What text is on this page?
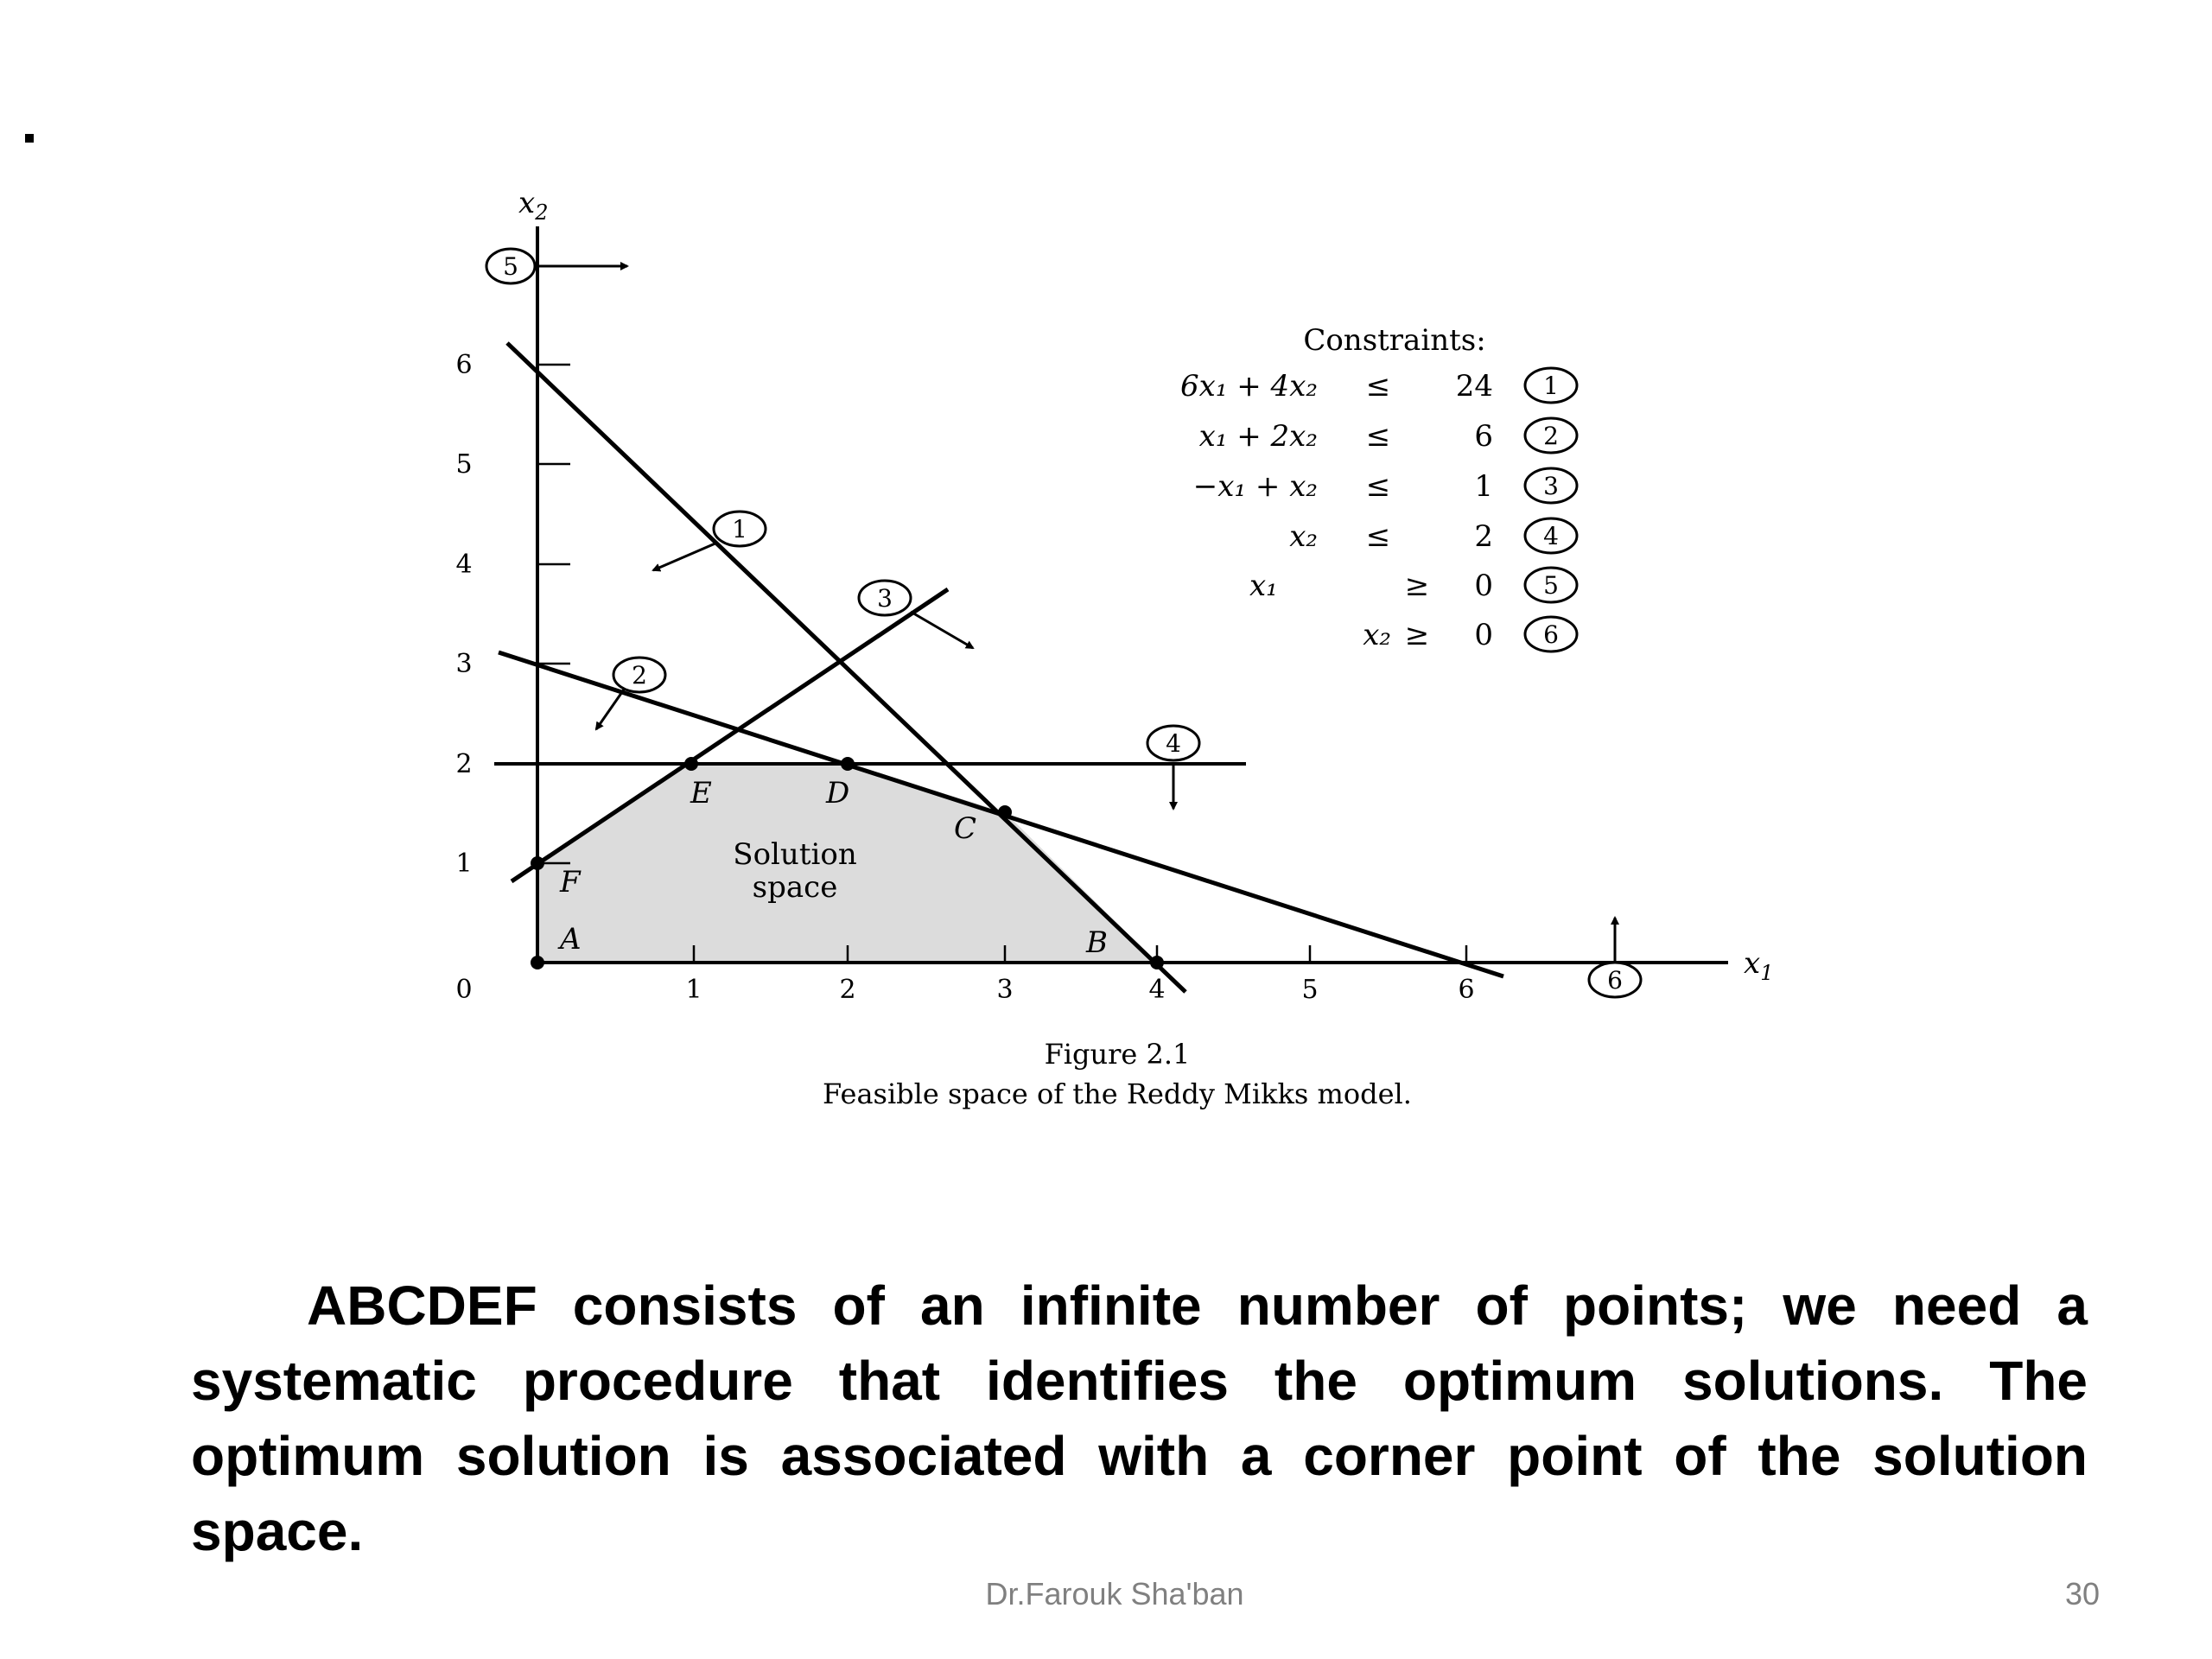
1
2
3
4
5
6
0	1	2	3	4	5	6
$x_2$
$x_1$
A	B
C
D
E
F
Solution
space
5
1
2
3
4
6
Constraints:
6x₁ + 4x₂ ≤ 24
x₁ + 2x₂ ≤	6
−x₁ + x₂ ≤	1
x₂ ≤	2
x₁	≥ 0
x₂ ≥ 0
1
2
3
4
5
6
Figure 2.1
Feasible space of the Reddy Mikks model.

ABCDEF consists of an infinite number of points; we need a systematic procedure that identifies the optimum solutions. The optimum solution is associated with a corner point of the solution space.

Dr.Farouk Sha'ban	30
